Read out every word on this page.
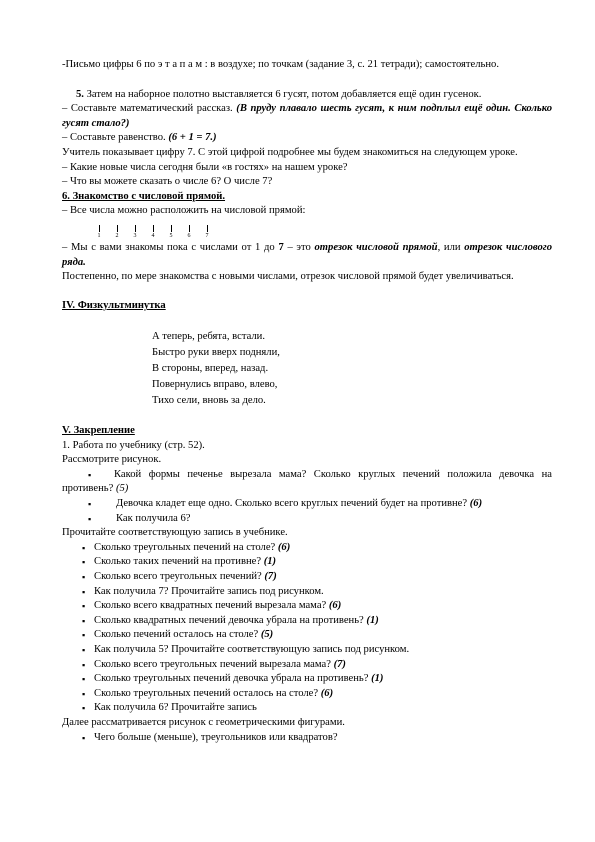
-Письмо цифры 6 по э т а п а м : в воздухе; по точкам (задание 3, с. 21 тетради); самостоятельно.

5. Затем на наборное полотно выставляется 6 гусят, потом добавляется ещё один гусенок.

– Составьте математический рассказ. (В пруду плавало шесть гусят, к ним подплыл ещё один. Сколько гусят стало?)

– Составьте равенство. (6 + 1 = 7.)

Учитель показывает цифру 7. С этой цифрой подробнее мы будем знакомиться на следующем уроке.

– Какие новые числа сегодня были «в гостях» на нашем уроке?

– Что вы можете сказать о числе 6? О числе 7?

6. Знакомство с числовой прямой.

– Все числа можно расположить на числовой прямой:

1	2	3	4	5	6	7

– Мы с вами знакомы пока с числами от 1 до 7 – это отрезок числовой прямой, или отрезок числового ряда.

Постепенно, по мере знакомства с новыми числами, отрезок числовой прямой будет увеличиваться.

IV. Физкультминутка

А теперь, ребята, встали.
Быстро руки вверх подняли,
В стороны, вперед, назад.
Повернулись вправо, влево,
Тихо сели, вновь за дело.

V. Закрепление

1. Работа по учебнику (стр. 52).

Рассмотрите рисунок.

▪ Какой формы печенье вырезала мама? Сколько круглых печений положила девочка на противень? (5)

▪ Девочка кладет еще одно. Сколько всего круглых печений будет на противне? (6)

▪ Как получила 6?

Прочитайте соответствующую запись в учебнике.

▪ Сколько треугольных печений на столе? (6)

▪ Сколько таких печений на противне? (1)

▪ Сколько всего треугольных печений? (7)

▪ Как получила 7? Прочитайте запись под рисунком.

▪ Сколько всего квадратных печений вырезала мама? (6)

▪ Сколько квадратных печений девочка убрала на противень? (1)

▪ Сколько печений осталось на столе? (5)

▪ Как получила 5? Прочитайте соответствующую запись под рисунком.

▪ Сколько всего треугольных печений вырезала мама? (7)

▪ Сколько треугольных печений девочка убрала на противень? (1)

▪ Сколько треугольных печений осталось на столе? (6)

▪ Как получила 6? Прочитайте запись

Далее рассматривается рисунок с геометрическими фигурами.

▪ Чего больше (меньше), треугольников или квадратов?
